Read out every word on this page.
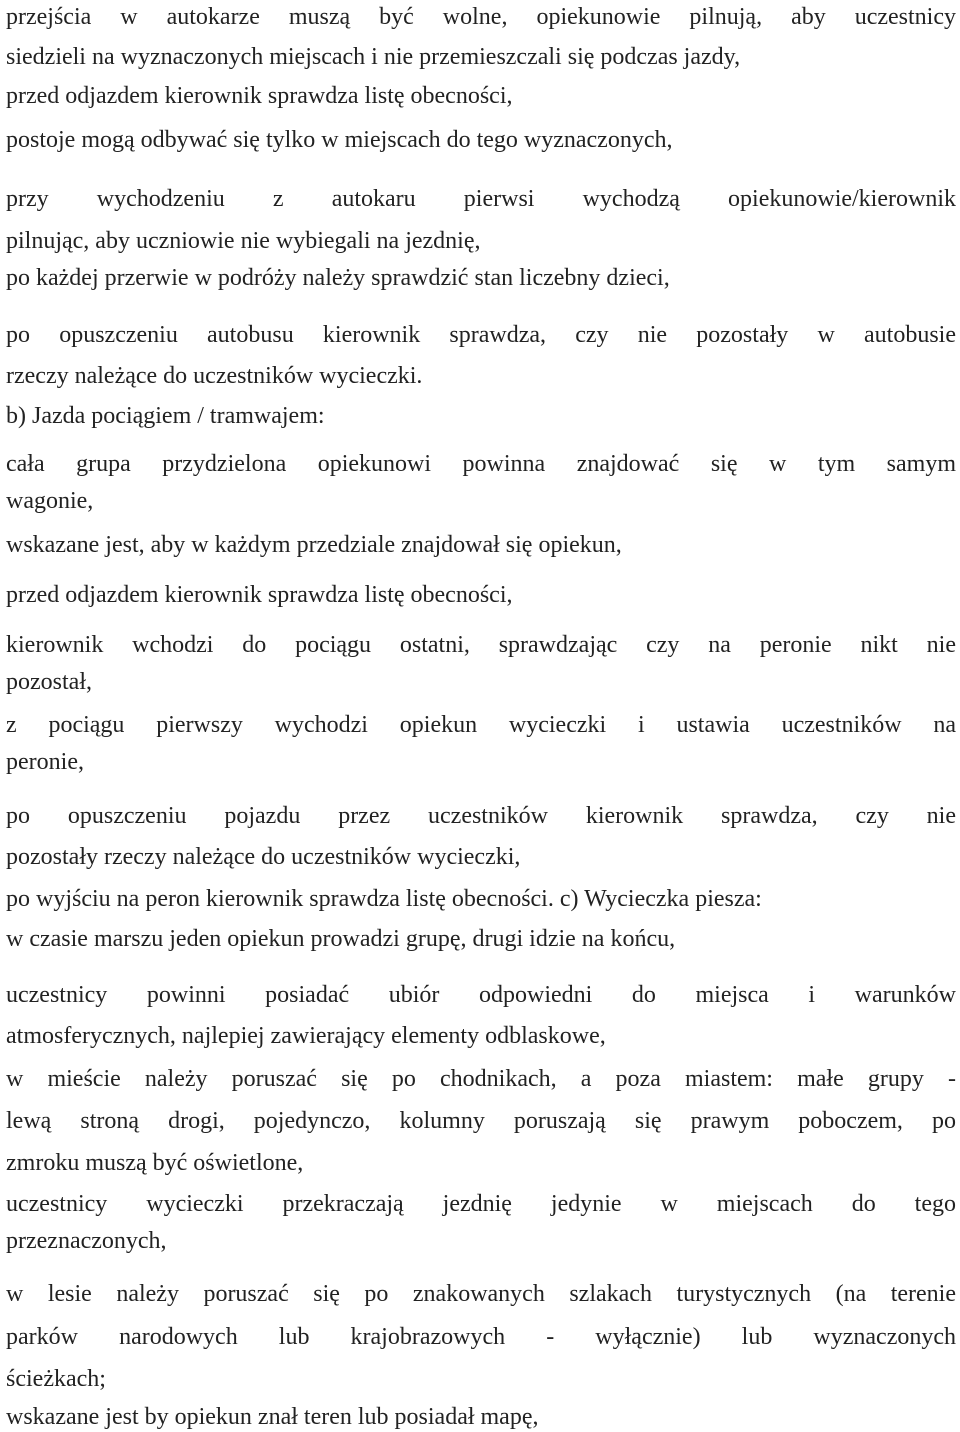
przejścia w autokarze muszą być wolne, opiekunowie pilnują, aby uczestnicy
siedzieli na wyznaczonych miejscach i nie przemieszczali się podczas jazdy,
przed odjazdem kierownik sprawdza listę obecności,
postoje mogą odbywać się tylko w miejscach do tego wyznaczonych,
przy wychodzeniu z autokaru pierwsi wychodzą opiekunowie/kierownik
pilnując, aby uczniowie nie wybiegali na jezdnię,
po każdej przerwie w podróży należy sprawdzić stan liczebny dzieci,
po opuszczeniu autobusu kierownik sprawdza, czy nie pozostały w autobusie
rzeczy należące do uczestników wycieczki.
b) Jazda pociągiem / tramwajem:
cała grupa przydzielona opiekunowi powinna znajdować się w tym samym
wagonie,
wskazane jest, aby w każdym przedziale znajdował się opiekun,
przed odjazdem kierownik sprawdza listę obecności,
kierownik wchodzi do pociągu ostatni, sprawdzając czy na peronie nikt nie
pozostał,
z pociągu pierwszy wychodzi opiekun wycieczki i ustawia uczestników na
peronie,
po opuszczeniu pojazdu przez uczestników kierownik sprawdza, czy nie
pozostały rzeczy należące do uczestników wycieczki,
po wyjściu na peron kierownik sprawdza listę obecności. c) Wycieczka piesza:
w czasie marszu jeden opiekun prowadzi grupę, drugi idzie na końcu,
uczestnicy powinni posiadać ubiór odpowiedni do miejsca i warunków
atmosferycznych, najlepiej zawierający elementy odblaskowe,
w mieście należy poruszać się po chodnikach, a poza miastem: małe grupy -
lewą stroną drogi, pojedynczo, kolumny poruszają się prawym poboczem, po
zmroku muszą być oświetlone,
uczestnicy wycieczki przekraczają jezdnię jedynie w miejscach do tego
przeznaczonych,
w lesie należy poruszać się po znakowanych szlakach turystycznych (na terenie
parków narodowych lub krajobrazowych - wyłącznie) lub wyznaczonych
ścieżkach;
wskazane jest by opiekun znał teren lub posiadał mapę,
